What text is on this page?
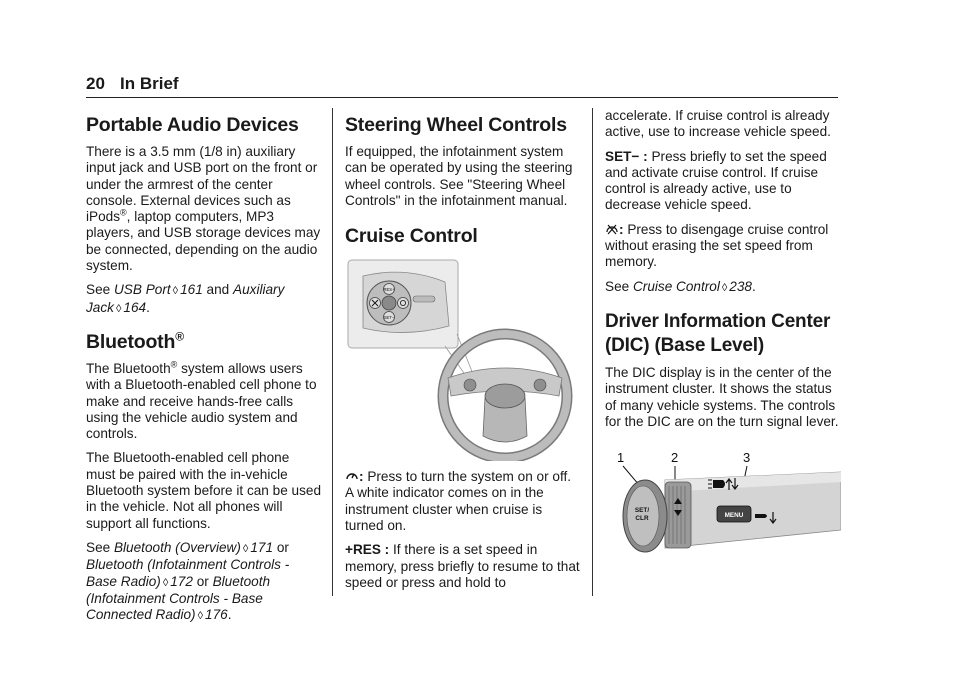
20 In Brief
Portable Audio Devices

There is a 3.5 mm (1/8 in) auxiliary input jack and USB port on the front or under the armrest of the center console. External devices such as iPods®, laptop computers, MP3 players, and USB storage devices may be connected, depending on the audio system.

See USB Port ◊ 161 and Auxiliary Jack ◊ 164.

Bluetooth®

The Bluetooth® system allows users with a Bluetooth-enabled cell phone to make and receive hands-free calls using the vehicle audio system and controls.

The Bluetooth-enabled cell phone must be paired with the in-vehicle Bluetooth system before it can be used in the vehicle. Not all phones will support all functions.

See Bluetooth (Overview) ◊ 171 or Bluetooth (Infotainment Controls - Base Radio) ◊ 172 or Bluetooth (Infotainment Controls - Base Connected Radio) ◊ 176.

Steering Wheel Controls

If equipped, the infotainment system can be operated by using the steering wheel controls. See "Steering Wheel Controls" in the infotainment manual.

Cruise Control
RES+
SET−

: Press to turn the system on or off. A white indicator comes on in the instrument cluster when cruise is turned on.

+RES : If there is a set speed in memory, press briefly to resume to that speed or press and hold to

accelerate. If cruise control is already active, use to increase vehicle speed.

SET− : Press briefly to set the speed and activate cruise control. If cruise control is already active, use to decrease vehicle speed.

: Press to disengage cruise control without erasing the set speed from memory.

See Cruise Control ◊ 238.

Driver Information Center
(DIC) (Base Level)

The DIC display is in the center of the instrument cluster. It shows the status of many vehicle systems. The controls for the DIC are on the turn signal lever.

1	2	3
SET/
CLR	MENU
